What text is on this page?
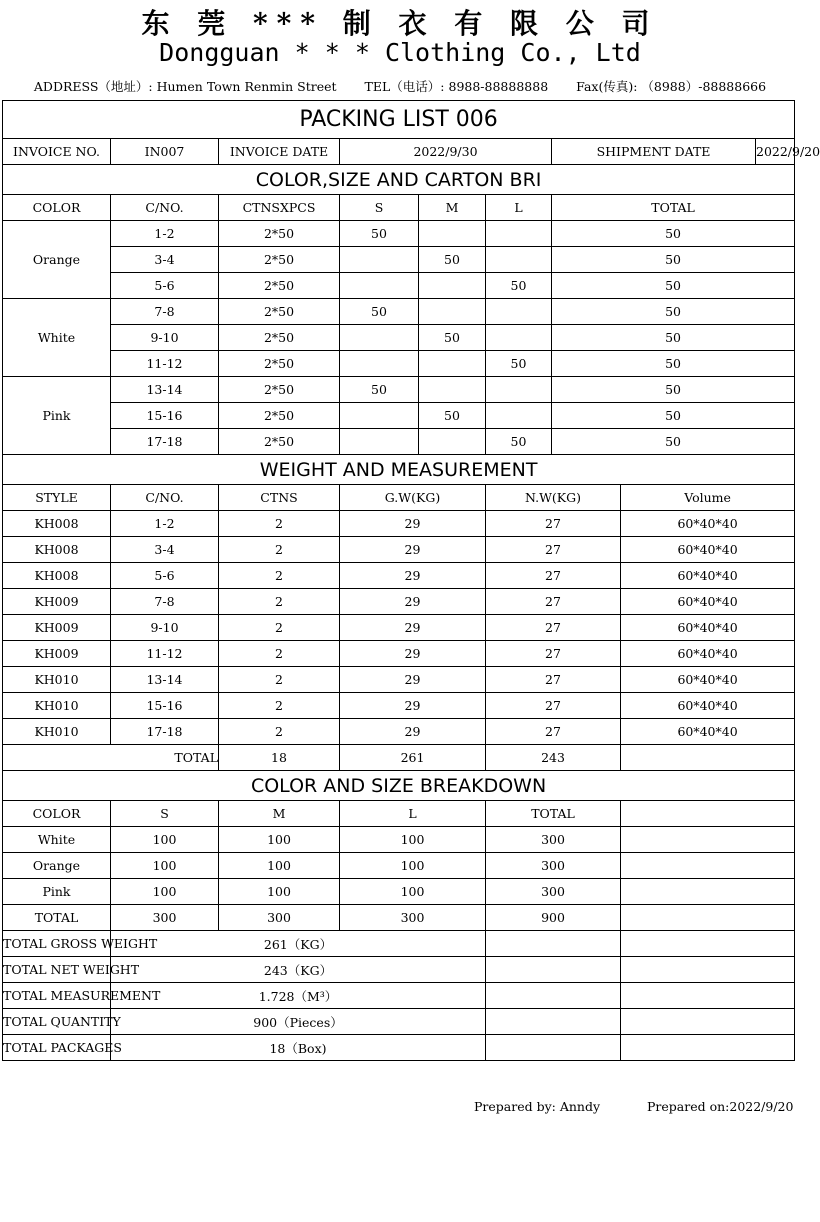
东 莞 *** 制 衣 有 限 公 司
Dongguan * * * Clothing Co., Ltd
ADDRESS（地址）: Humen Town Renmin Street TEL（电话）: 8988-88888888 Fax(传真): （8988）-88888666
PACKING LIST 006								
INVOICE NO.	IN007	INVOICE DATE	2022/9/30			SHIPMENT DATE		2022/9/20
COLOR,SIZE AND CARTON BRI								
COLOR	C/NO.	CTNSXPCS	S	M	L	TOTAL		
Orange	1-2	2*50	50			50		
	3-4	2*50		50		50		
	5-6	2*50			50	50		
White	7-8	2*50	50			50		
	9-10	2*50		50		50		
	11-12	2*50			50	50		
Pink	13-14	2*50	50			50		
	15-16	2*50		50		50		
	17-18	2*50			50	50		
WEIGHT AND MEASUREMENT								
STYLE	C/NO.	CTNS	G.W(KG)		N.W(KG)		Volume	
KH008	1-2	2	29		27		60*40*40	
KH008	3-4	2	29		27		60*40*40	
KH008	5-6	2	29		27		60*40*40	
KH009	7-8	2	29		27		60*40*40	
KH009	9-10	2	29		27		60*40*40	
KH009	11-12	2	29		27		60*40*40	
KH010	13-14	2	29		27		60*40*40	
KH010	15-16	2	29		27		60*40*40	
KH010	17-18	2	29		27		60*40*40	
TOTAL		18	261		243			
COLOR AND SIZE BREAKDOWN								
COLOR	S	M	L		TOTAL			
White	100	100	100		300			
Orange	100	100	100		300			
Pink	100	100	100		300			
TOTAL	300	300	300		900			
TOTAL GROSS WEIGHT	261（KG）							
TOTAL NET WEIGHT	243（KG）							
TOTAL MEASUREMENT	1.728（M³）							
TOTAL QUANTITY	900（Pieces）							
TOTAL PACKAGES	18（Box)							
Prepared by: Anndy	Prepared on:2022/9/20
